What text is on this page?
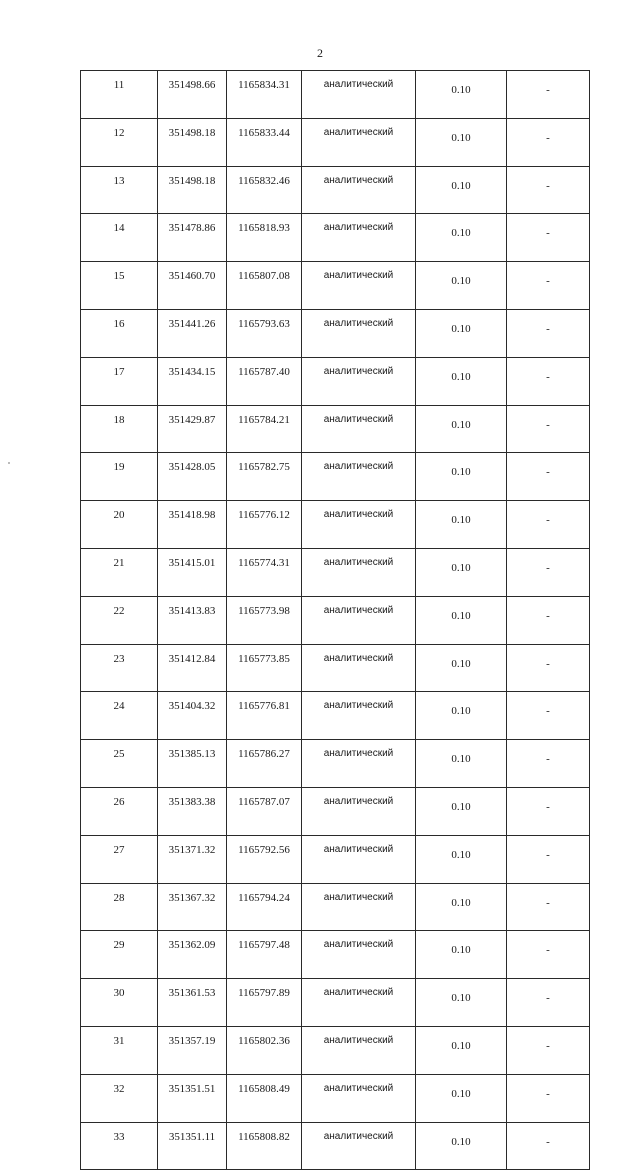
2
11	351498.66	1165834.31	аналитический	0.10	-
12	351498.18	1165833.44	аналитический	0.10	-
13	351498.18	1165832.46	аналитический	0.10	-
14	351478.86	1165818.93	аналитический	0.10	-
15	351460.70	1165807.08	аналитический	0.10	-
16	351441.26	1165793.63	аналитический	0.10	-
17	351434.15	1165787.40	аналитический	0.10	-
18	351429.87	1165784.21	аналитический	0.10	-
19	351428.05	1165782.75	аналитический	0.10	-
20	351418.98	1165776.12	аналитический	0.10	-
21	351415.01	1165774.31	аналитический	0.10	-
22	351413.83	1165773.98	аналитический	0.10	-
23	351412.84	1165773.85	аналитический	0.10	-
24	351404.32	1165776.81	аналитический	0.10	-
25	351385.13	1165786.27	аналитический	0.10	-
26	351383.38	1165787.07	аналитический	0.10	-
27	351371.32	1165792.56	аналитический	0.10	-
28	351367.32	1165794.24	аналитический	0.10	-
29	351362.09	1165797.48	аналитический	0.10	-
30	351361.53	1165797.89	аналитический	0.10	-
31	351357.19	1165802.36	аналитический	0.10	-
32	351351.51	1165808.49	аналитический	0.10	-
33	351351.11	1165808.82	аналитический	0.10	-
